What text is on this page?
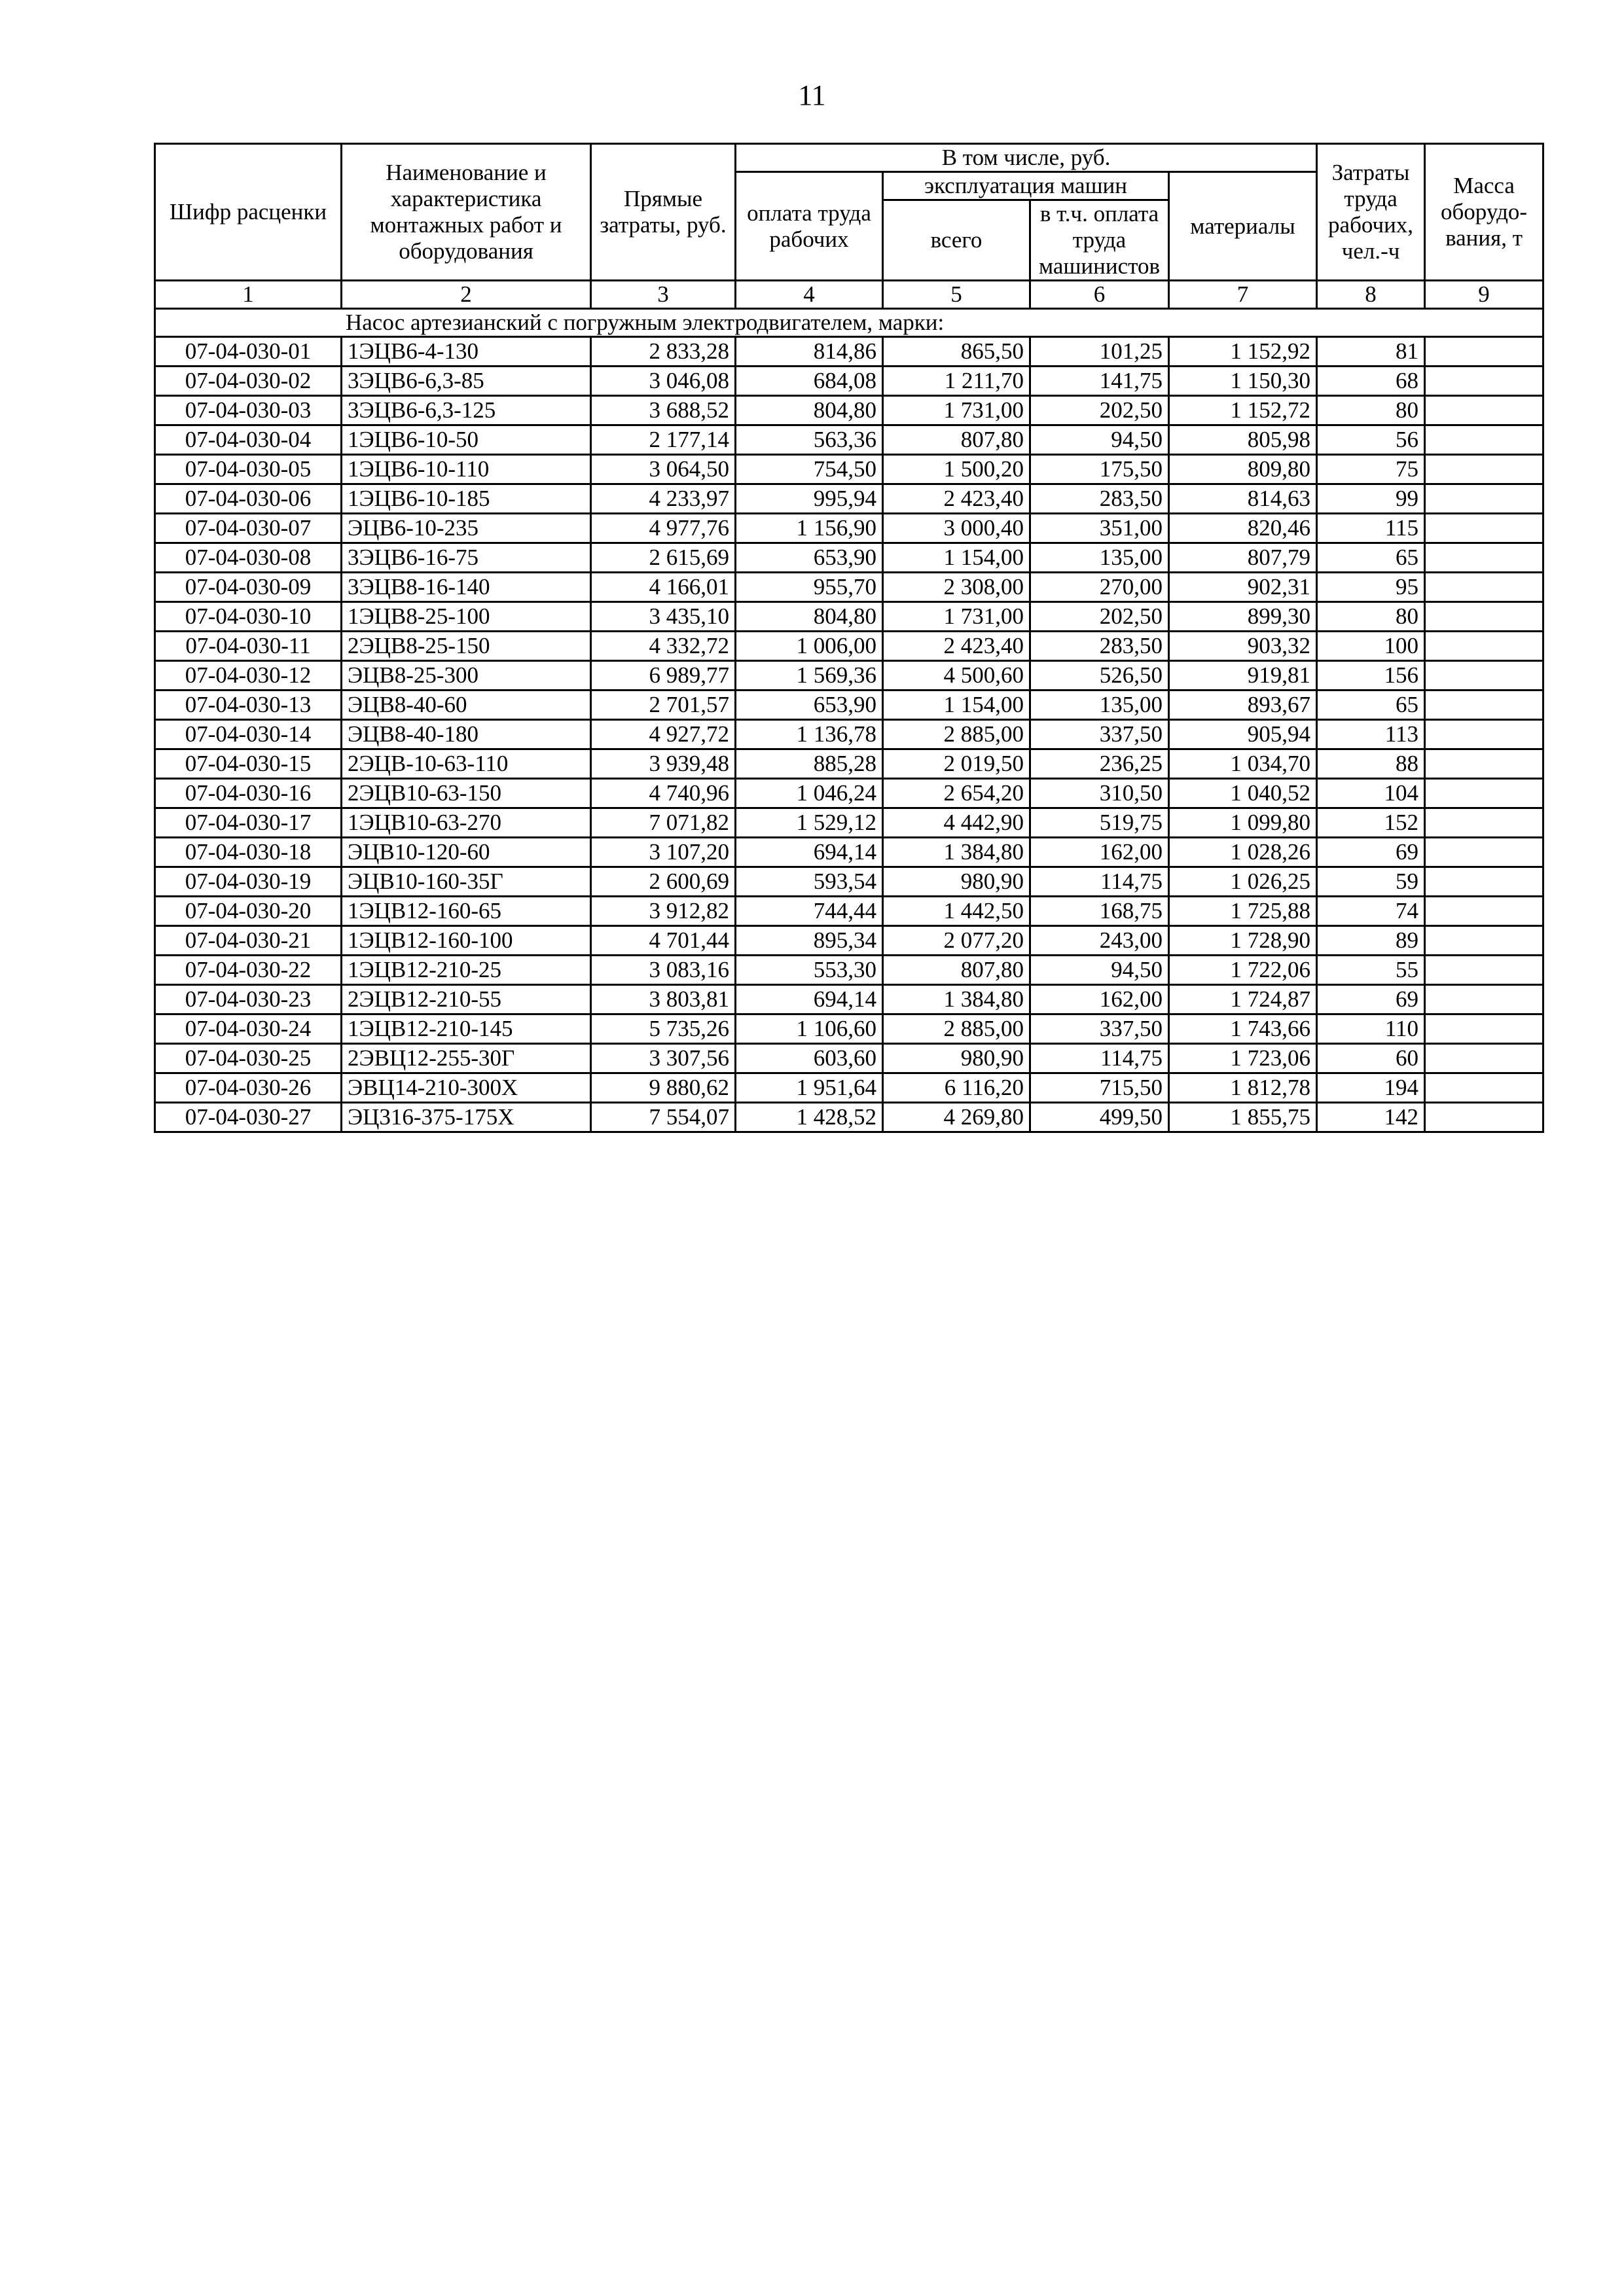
11
Шифр расценки	Наименование и характеристика монтажных работ и оборудования	Прямые затраты, руб.	В том числе, руб.				Затраты труда рабочих, чел.-ч	Масса оборудо-вания, т
			оплата труда рабочих	эксплуатация машин		материалы		
				всего	в т.ч. оплата труда машинистов			
1	2	3	4	5	6	7	8	9
Насос артезианский с погружным электродвигателем, марки:								
07-04-030-01	1ЭЦВ6-4-130	2 833,28	814,86	865,50	101,25	1 152,92	81	
07-04-030-02	3ЭЦВ6-6,3-85	3 046,08	684,08	1 211,70	141,75	1 150,30	68	
07-04-030-03	3ЭЦВ6-6,3-125	3 688,52	804,80	1 731,00	202,50	1 152,72	80	
07-04-030-04	1ЭЦВ6-10-50	2 177,14	563,36	807,80	94,50	805,98	56	
07-04-030-05	1ЭЦВ6-10-110	3 064,50	754,50	1 500,20	175,50	809,80	75	
07-04-030-06	1ЭЦВ6-10-185	4 233,97	995,94	2 423,40	283,50	814,63	99	
07-04-030-07	ЭЦВ6-10-235	4 977,76	1 156,90	3 000,40	351,00	820,46	115	
07-04-030-08	3ЭЦВ6-16-75	2 615,69	653,90	1 154,00	135,00	807,79	65	
07-04-030-09	3ЭЦВ8-16-140	4 166,01	955,70	2 308,00	270,00	902,31	95	
07-04-030-10	1ЭЦВ8-25-100	3 435,10	804,80	1 731,00	202,50	899,30	80	
07-04-030-11	2ЭЦВ8-25-150	4 332,72	1 006,00	2 423,40	283,50	903,32	100	
07-04-030-12	ЭЦВ8-25-300	6 989,77	1 569,36	4 500,60	526,50	919,81	156	
07-04-030-13	ЭЦВ8-40-60	2 701,57	653,90	1 154,00	135,00	893,67	65	
07-04-030-14	ЭЦВ8-40-180	4 927,72	1 136,78	2 885,00	337,50	905,94	113	
07-04-030-15	2ЭЦВ-10-63-110	3 939,48	885,28	2 019,50	236,25	1 034,70	88	
07-04-030-16	2ЭЦВ10-63-150	4 740,96	1 046,24	2 654,20	310,50	1 040,52	104	
07-04-030-17	1ЭЦВ10-63-270	7 071,82	1 529,12	4 442,90	519,75	1 099,80	152	
07-04-030-18	ЭЦВ10-120-60	3 107,20	694,14	1 384,80	162,00	1 028,26	69	
07-04-030-19	ЭЦВ10-160-35Г	2 600,69	593,54	980,90	114,75	1 026,25	59	
07-04-030-20	1ЭЦВ12-160-65	3 912,82	744,44	1 442,50	168,75	1 725,88	74	
07-04-030-21	1ЭЦВ12-160-100	4 701,44	895,34	2 077,20	243,00	1 728,90	89	
07-04-030-22	1ЭЦВ12-210-25	3 083,16	553,30	807,80	94,50	1 722,06	55	
07-04-030-23	2ЭЦВ12-210-55	3 803,81	694,14	1 384,80	162,00	1 724,87	69	
07-04-030-24	1ЭЦВ12-210-145	5 735,26	1 106,60	2 885,00	337,50	1 743,66	110	
07-04-030-25	2ЭВЦ12-255-30Г	3 307,56	603,60	980,90	114,75	1 723,06	60	
07-04-030-26	ЭВЦ14-210-300Х	9 880,62	1 951,64	6 116,20	715,50	1 812,78	194	
07-04-030-27	ЭЦ316-375-175Х	7 554,07	1 428,52	4 269,80	499,50	1 855,75	142	
